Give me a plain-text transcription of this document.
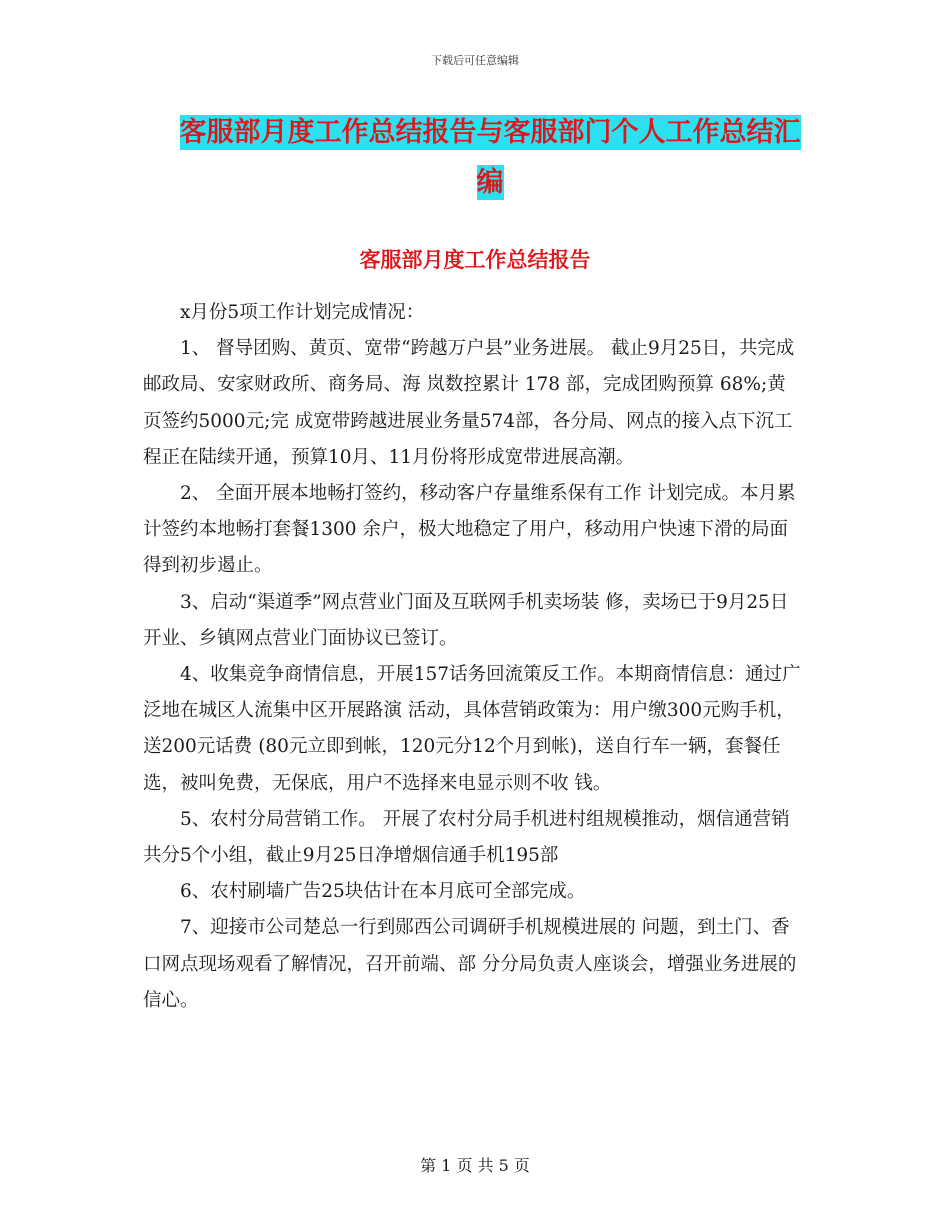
下载后可任意编辑
客服部月度工作总结报告与客服部门个人工作总结汇
编
客服部月度工作总结报告

x月份5项工作计划完成情况：

1、 督导团购、黄页、宽带“跨越万户县”业务进展。 截止9月25日，共完成邮政局、安家财政所、商务局、海 岚数控累计 178 部，完成团购预算 68%;黄页签约5000元;完 成宽带跨越进展业务量574部，各分局、网点的接入点下沉工程正在陆续开通，预算10月、11月份将形成宽带进展高潮。

2、 全面开展本地畅打签约，移动客户存量维系保有工作 计划完成。本月累计签约本地畅打套餐1300 余户，极大地稳定了用户，移动用户快速下滑的局面得到初步遏止。

3、启动“渠道季”网点营业门面及互联网手机卖场装 修，卖场已于9月25日开业、乡镇网点营业门面协议已签订。

4、收集竞争商情信息，开展157话务回流策反工作。本期商情信息：通过广泛地在城区人流集中区开展路演 活动，具体营销政策为：用户缴300元购手机，送200元话费 (80元立即到帐，120元分12个月到帐)，送自行车一辆，套餐任选，被叫免费，无保底，用户不选择来电显示则不收 钱。

5、农村分局营销工作。 开展了农村分局手机进村组规模推动，烟信通营销共分5个小组，截止9月25日净增烟信通手机195部

6、农村刷墙广告25块估计在本月底可全部完成。

7、迎接市公司楚总一行到郧西公司调研手机规模进展的 问题，到土门、香口网点现场观看了解情况，召开前端、部 分分局负责人座谈会，增强业务进展的信心。

第 1 页 共 5 页
